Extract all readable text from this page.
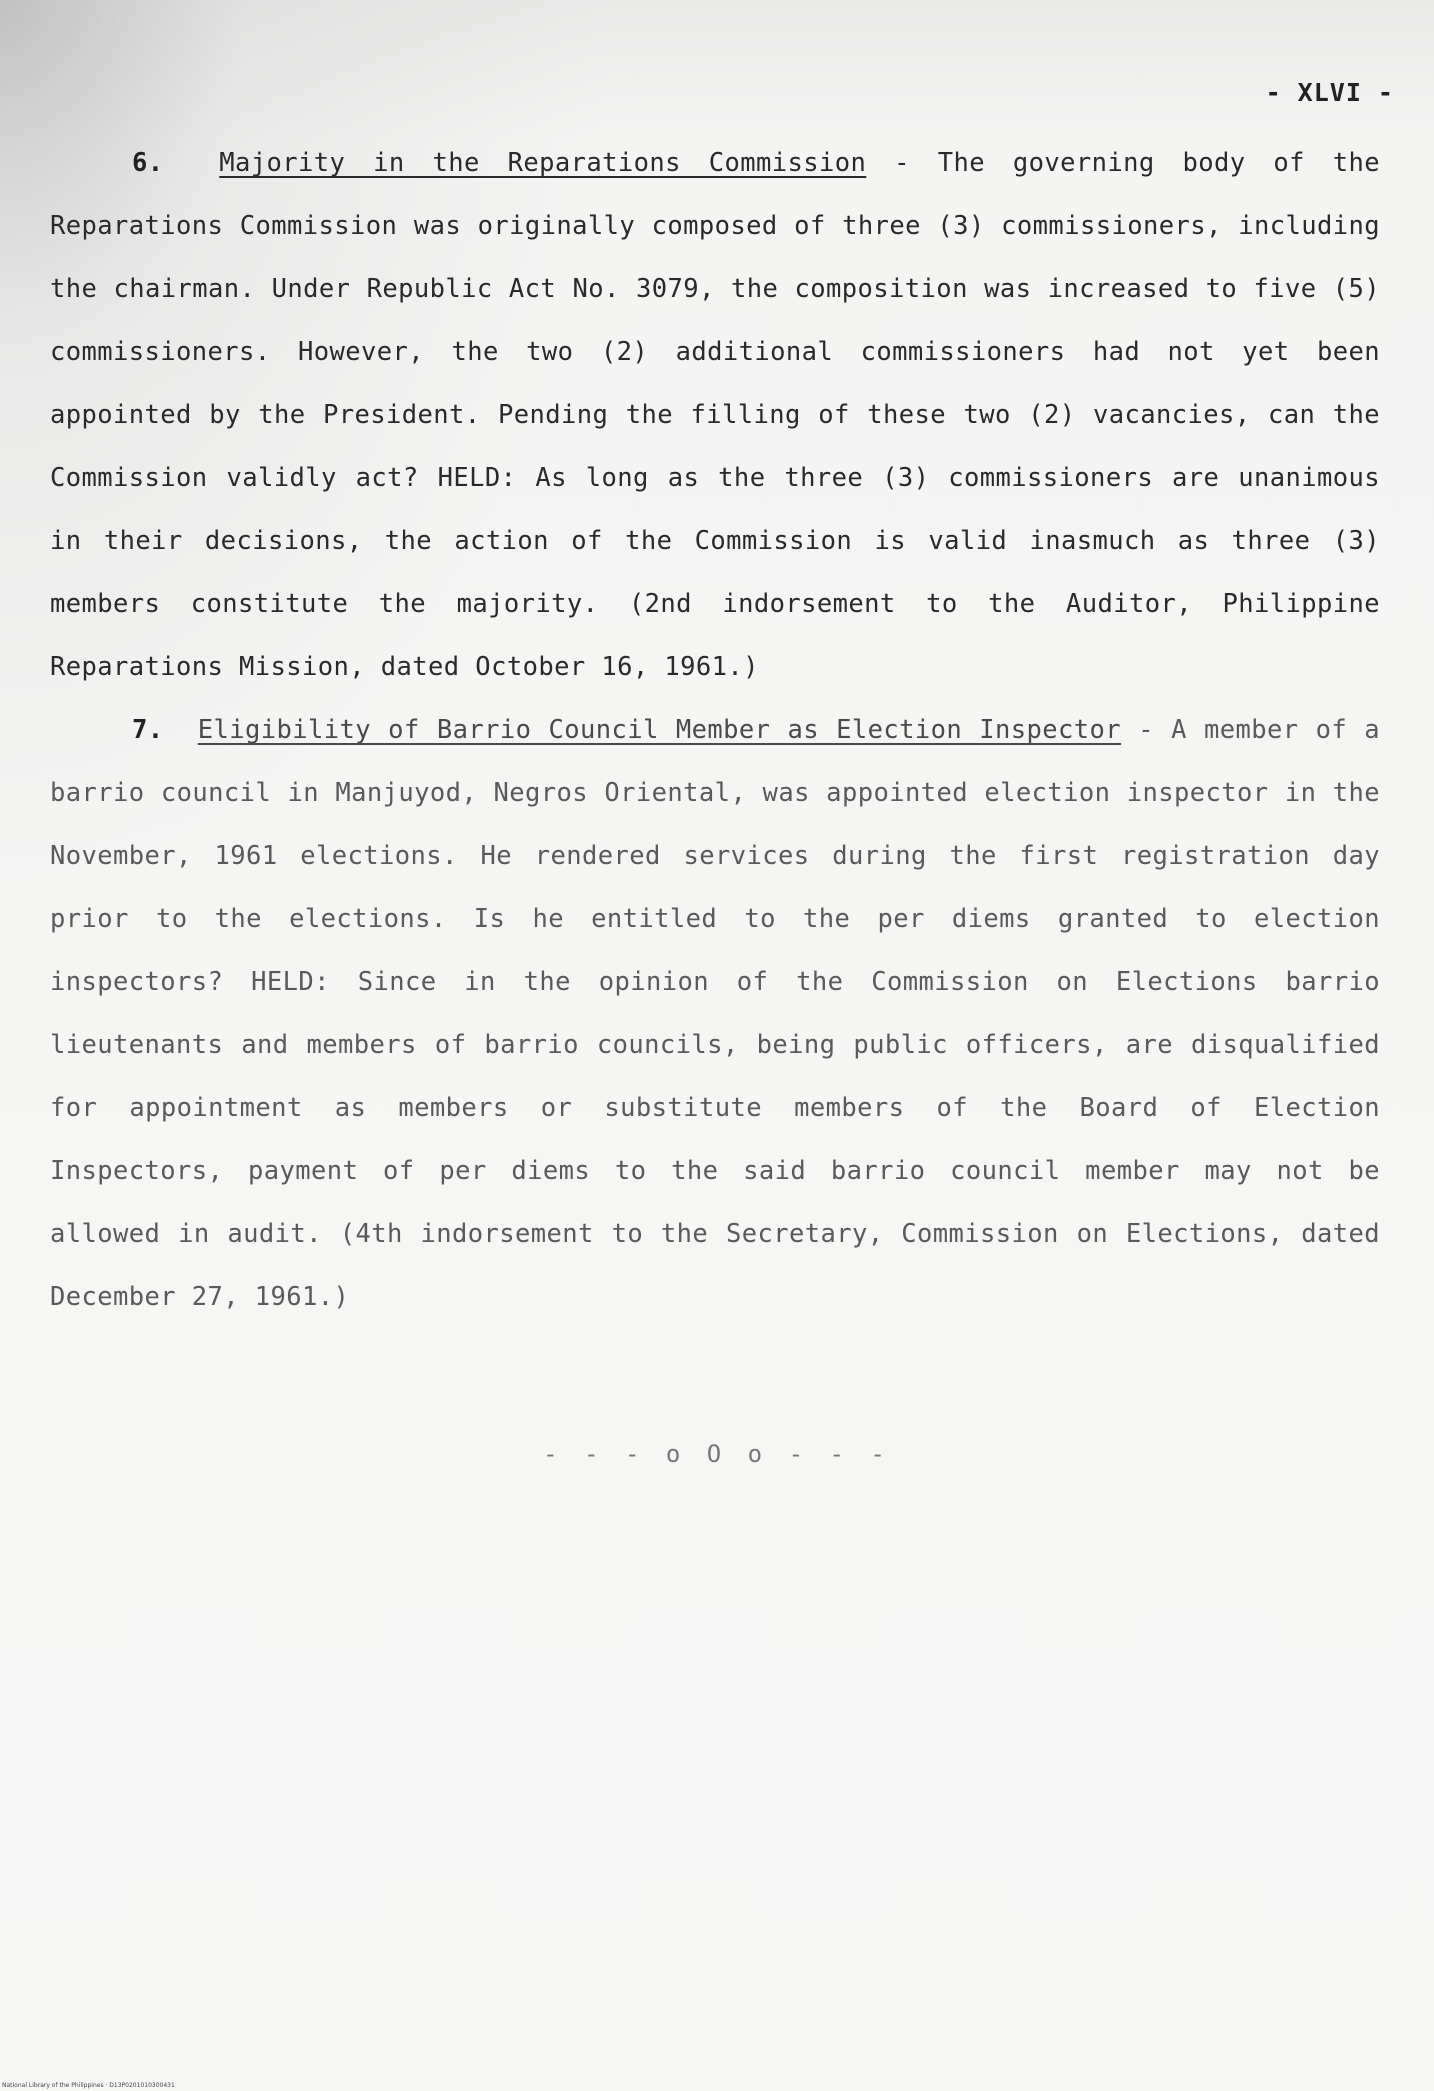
- XLVI -

6. Majority in the Reparations Commission - The governing body of the Reparations Commission was originally composed of three (3) commissioners, including the chairman. Under Republic Act No. 3079, the composition was increased to five (5) commissioners. However, the two (2) additional commissioners had not yet been appointed by the President. Pending the filling of these two (2) vacancies, can the Commission validly act? HELD: As long as the three (3) commissioners are unanimous in their decisions, the action of the Commission is valid inasmuch as three (3) members constitute the majority. (2nd indorsement to the Auditor, Philippine Reparations Mission, dated October 16, 1961.)

7. Eligibility of Barrio Council Member as Election Inspector - A member of a barrio council in Manjuyod, Negros Oriental, was appointed election inspector in the November, 1961 elections. He rendered services during the first registration day prior to the elections. Is he entitled to the per diems granted to election inspectors? HELD: Since in the opinion of the Commission on Elections barrio lieutenants and members of barrio councils, being public officers, are disqualified for appointment as members or substitute members of the Board of Election Inspectors, payment of per diems to the said barrio council member may not be allowed in audit. (4th indorsement to the Secretary, Commission on Elections, dated December 27, 1961.)

- - - o O o - - -
National Library of the Philippines · D13P0201010300431
